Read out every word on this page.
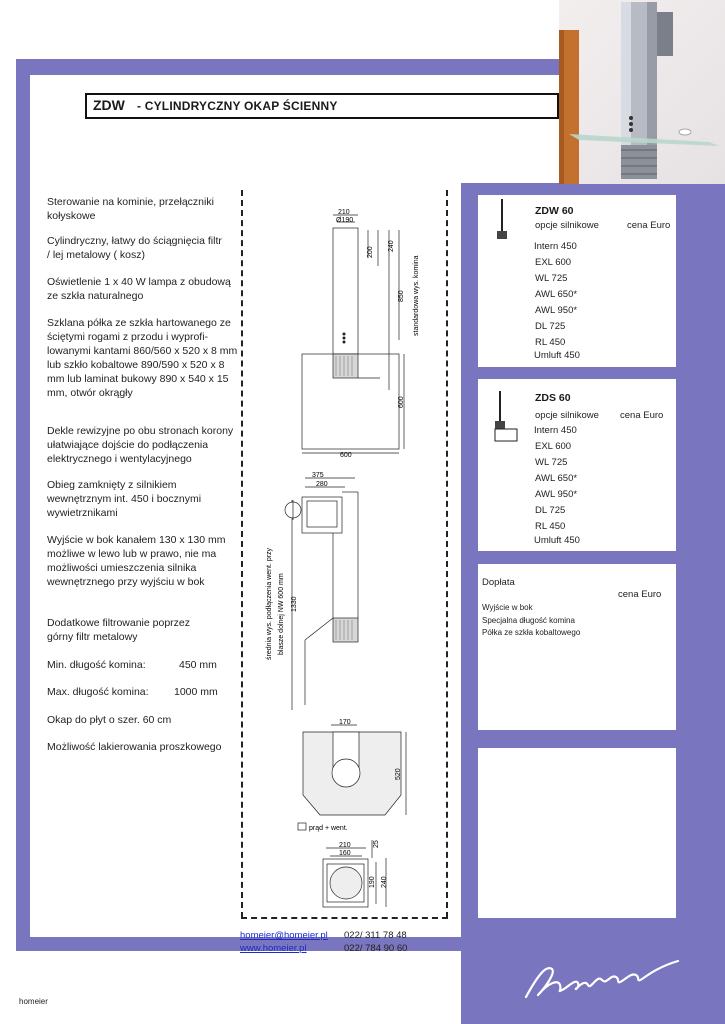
ZDW - CYLINDRYCZNY OKAP ŚCIENNY
Sterowanie na kominie, przełączniki kołyskowe
Cylindryczny, łatwy do ściągnięcia filtr / lej metalowy ( kosz)
Oświetlenie 1 x 40 W lampa z obudową ze szkła naturalnego
Szklana półka ze szkła hartowanego ze ściętymi rogami z przodu i wyprofi- lowanymi kantami 860/560 x 520 x 8 mm lub szkło kobaltowe 890/590 x 520 x 8 mm lub laminat bukowy 890 x 540 x 15 mm, otwór okrągły
Dekle rewizyjne po obu stronach korony ułatwiające dojście do podłączenia elektrycznego i wentylacyjnego
Obieg zamknięty z silnikiem wewnętrznym int. 450 i bocznymi wywietrznikami
Wyjście w bok kanałem 130 x 130 mm możliwe w lewo lub w prawo, nie ma możliwości umieszczenia silnika wewnętrznego przy wyjściu w bok
Dodatkowe filtrowanie poprzez górny filtr metalowy
Min. długość komina:	450 mm
Max. długość komina: 1000 mm
Okap do płyt o szer. 60 cm
Możliwość lakierowania proszkowego
210
Ø190
200
240
850 standardowa wys. komina
600
600
375
280
1330
średnia wys. podłączenia went. przy blasze dolnej NW 600 mm
170
520
prąd + went.
210
160
25
190 240
ZDW 60
opcje silnikowe	cena Euro
Intern 450
EXL 600
WL 725
AWL 650*
AWL 950*
DL 725
RL 450
Umluft 450
ZDS 60
opcje silnikowe cena Euro
Intern 450
EXL 600
WL 725
AWL 650*
AWL 950*
DL 725
RL 450
Umluft 450
Dopłata
cena Euro
Wyjście w bok
Specjalna długość komina
Półka ze szkła kobaltowego
homeier@homeier.pl
www.homeier.pl
022/ 311 78 48
022/ 784 90 60
homeier
